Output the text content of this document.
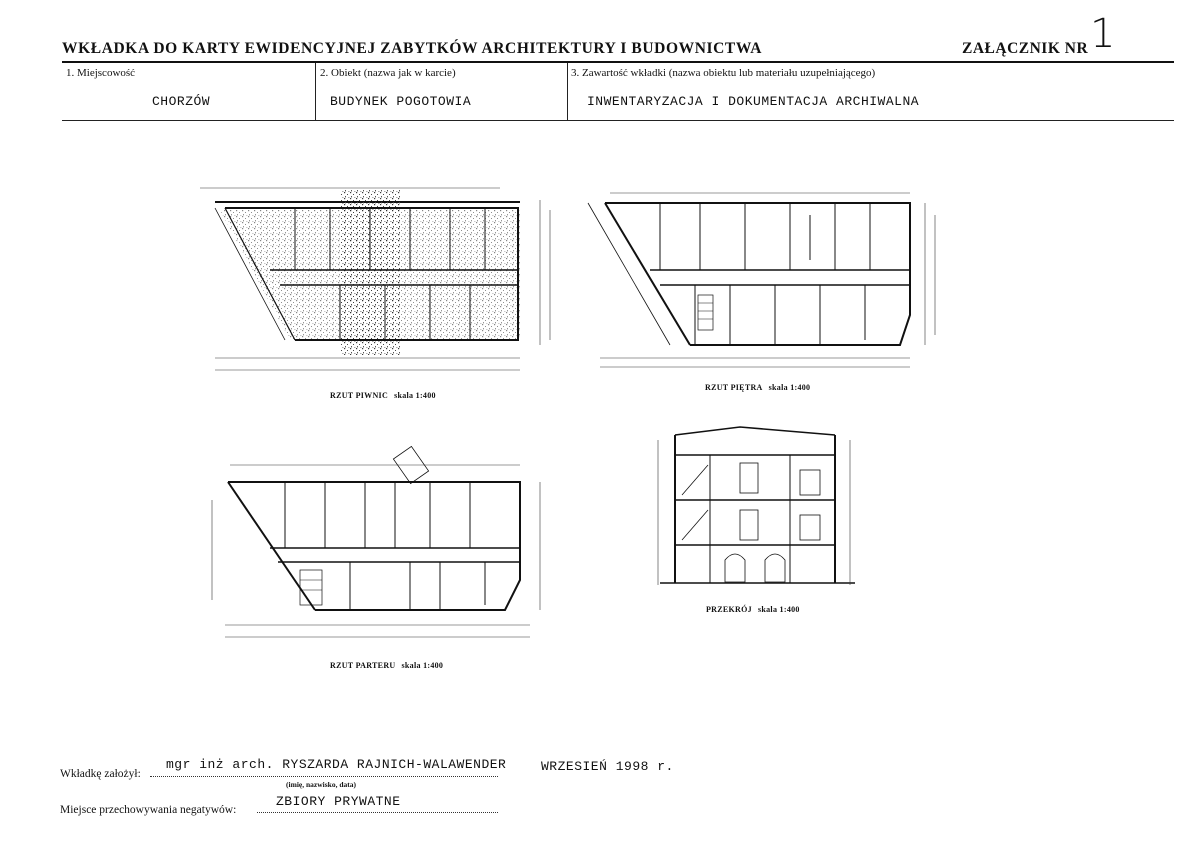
WKŁADKA DO KARTY EWIDENCYJNEJ ZABYTKÓW ARCHITEKTURY I BUDOWNICTWA	ZAŁĄCZNIK NR 1
1. Miejscowość	2. Obiekt (nazwa jak w karcie)	3. Zawartość wkładki (nazwa obiektu lub materiału uzupełniającego)
CHORZÓW	BUDYNEK POGOTOWIA	INWENTARYZACJA I DOKUMENTACJA ARCHIWALNA
RZUT PIWNIC skala 1:400
RZUT PIĘTRA skala 1:400
RZUT PARTERU skala 1:400
PRZEKRÓJ skala 1:400
Wkładkę założył:
mgr inż arch. RYSZARDA RAJNICH-WALAWENDER	WRZESIEŃ 1998 r.
(imię, nazwisko, data)
Miejsce przechowywania negatywów:
ZBIORY PRYWATNE
